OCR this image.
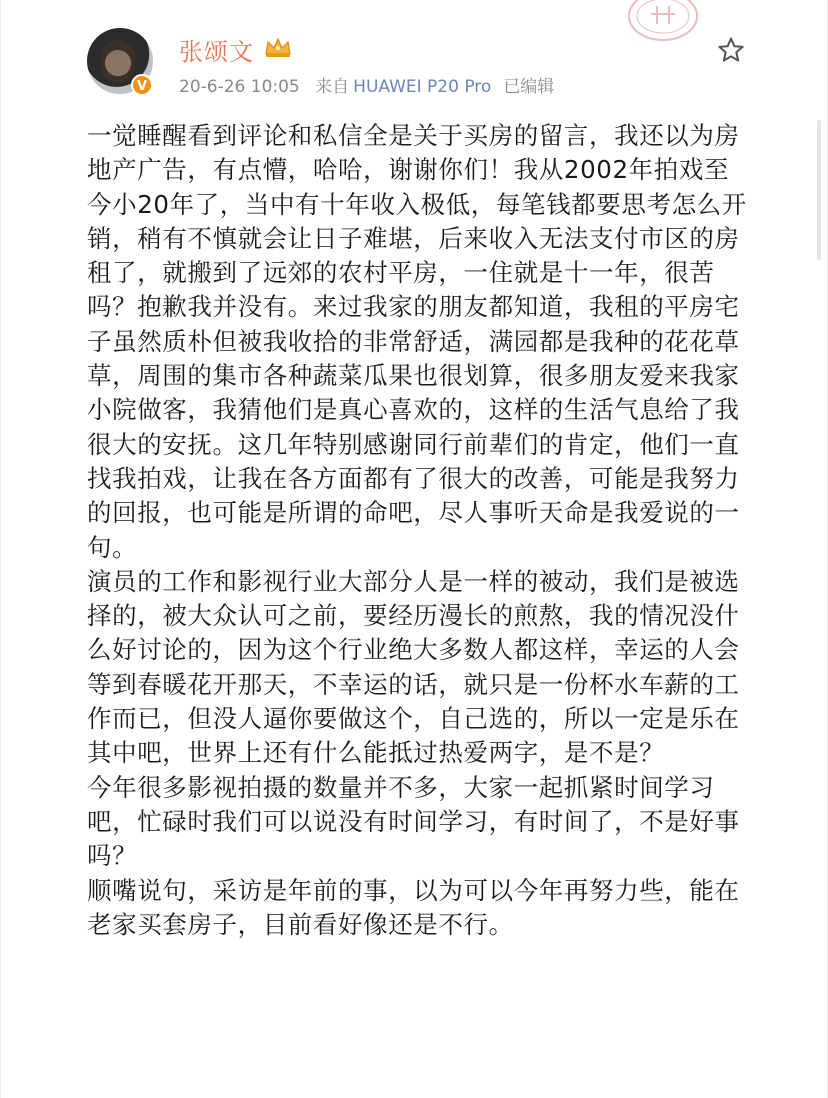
V
张颂文
20-6-26 10:05 来自 HUAWEI P20 Pro 已编辑

一觉睡醒看到评论和私信全是关于买房的留言，我还以为房地产广告，有点懵，哈哈，谢谢你们！我从2002年拍戏至今小20年了，当中有十年收入极低，每笔钱都要思考怎么开销，稍有不慎就会让日子难堪，后来收入无法支付市区的房租了，就搬到了远郊的农村平房，一住就是十一年，很苦吗？抱歉我并没有。来过我家的朋友都知道，我租的平房宅子虽然质朴但被我收拾的非常舒适，满园都是我种的花花草草，周围的集市各种蔬菜瓜果也很划算，很多朋友爱来我家小院做客，我猜他们是真心喜欢的，这样的生活气息给了我很大的安抚。这几年特别感谢同行前辈们的肯定，他们一直找我拍戏，让我在各方面都有了很大的改善，可能是我努力的回报，也可能是所谓的命吧，尽人事听天命是我爱说的一句。

演员的工作和影视行业大部分人是一样的被动，我们是被选择的，被大众认可之前，要经历漫长的煎熬，我的情况没什么好讨论的，因为这个行业绝大多数人都这样，幸运的人会等到春暖花开那天，不幸运的话，就只是一份杯水车薪的工作而已，但没人逼你要做这个，自己选的，所以一定是乐在其中吧，世界上还有什么能抵过热爱两字，是不是？

今年很多影视拍摄的数量并不多，大家一起抓紧时间学习吧，忙碌时我们可以说没有时间学习，有时间了，不是好事吗？

顺嘴说句，采访是年前的事，以为可以今年再努力些，能在老家买套房子，目前看好像还是不行。
